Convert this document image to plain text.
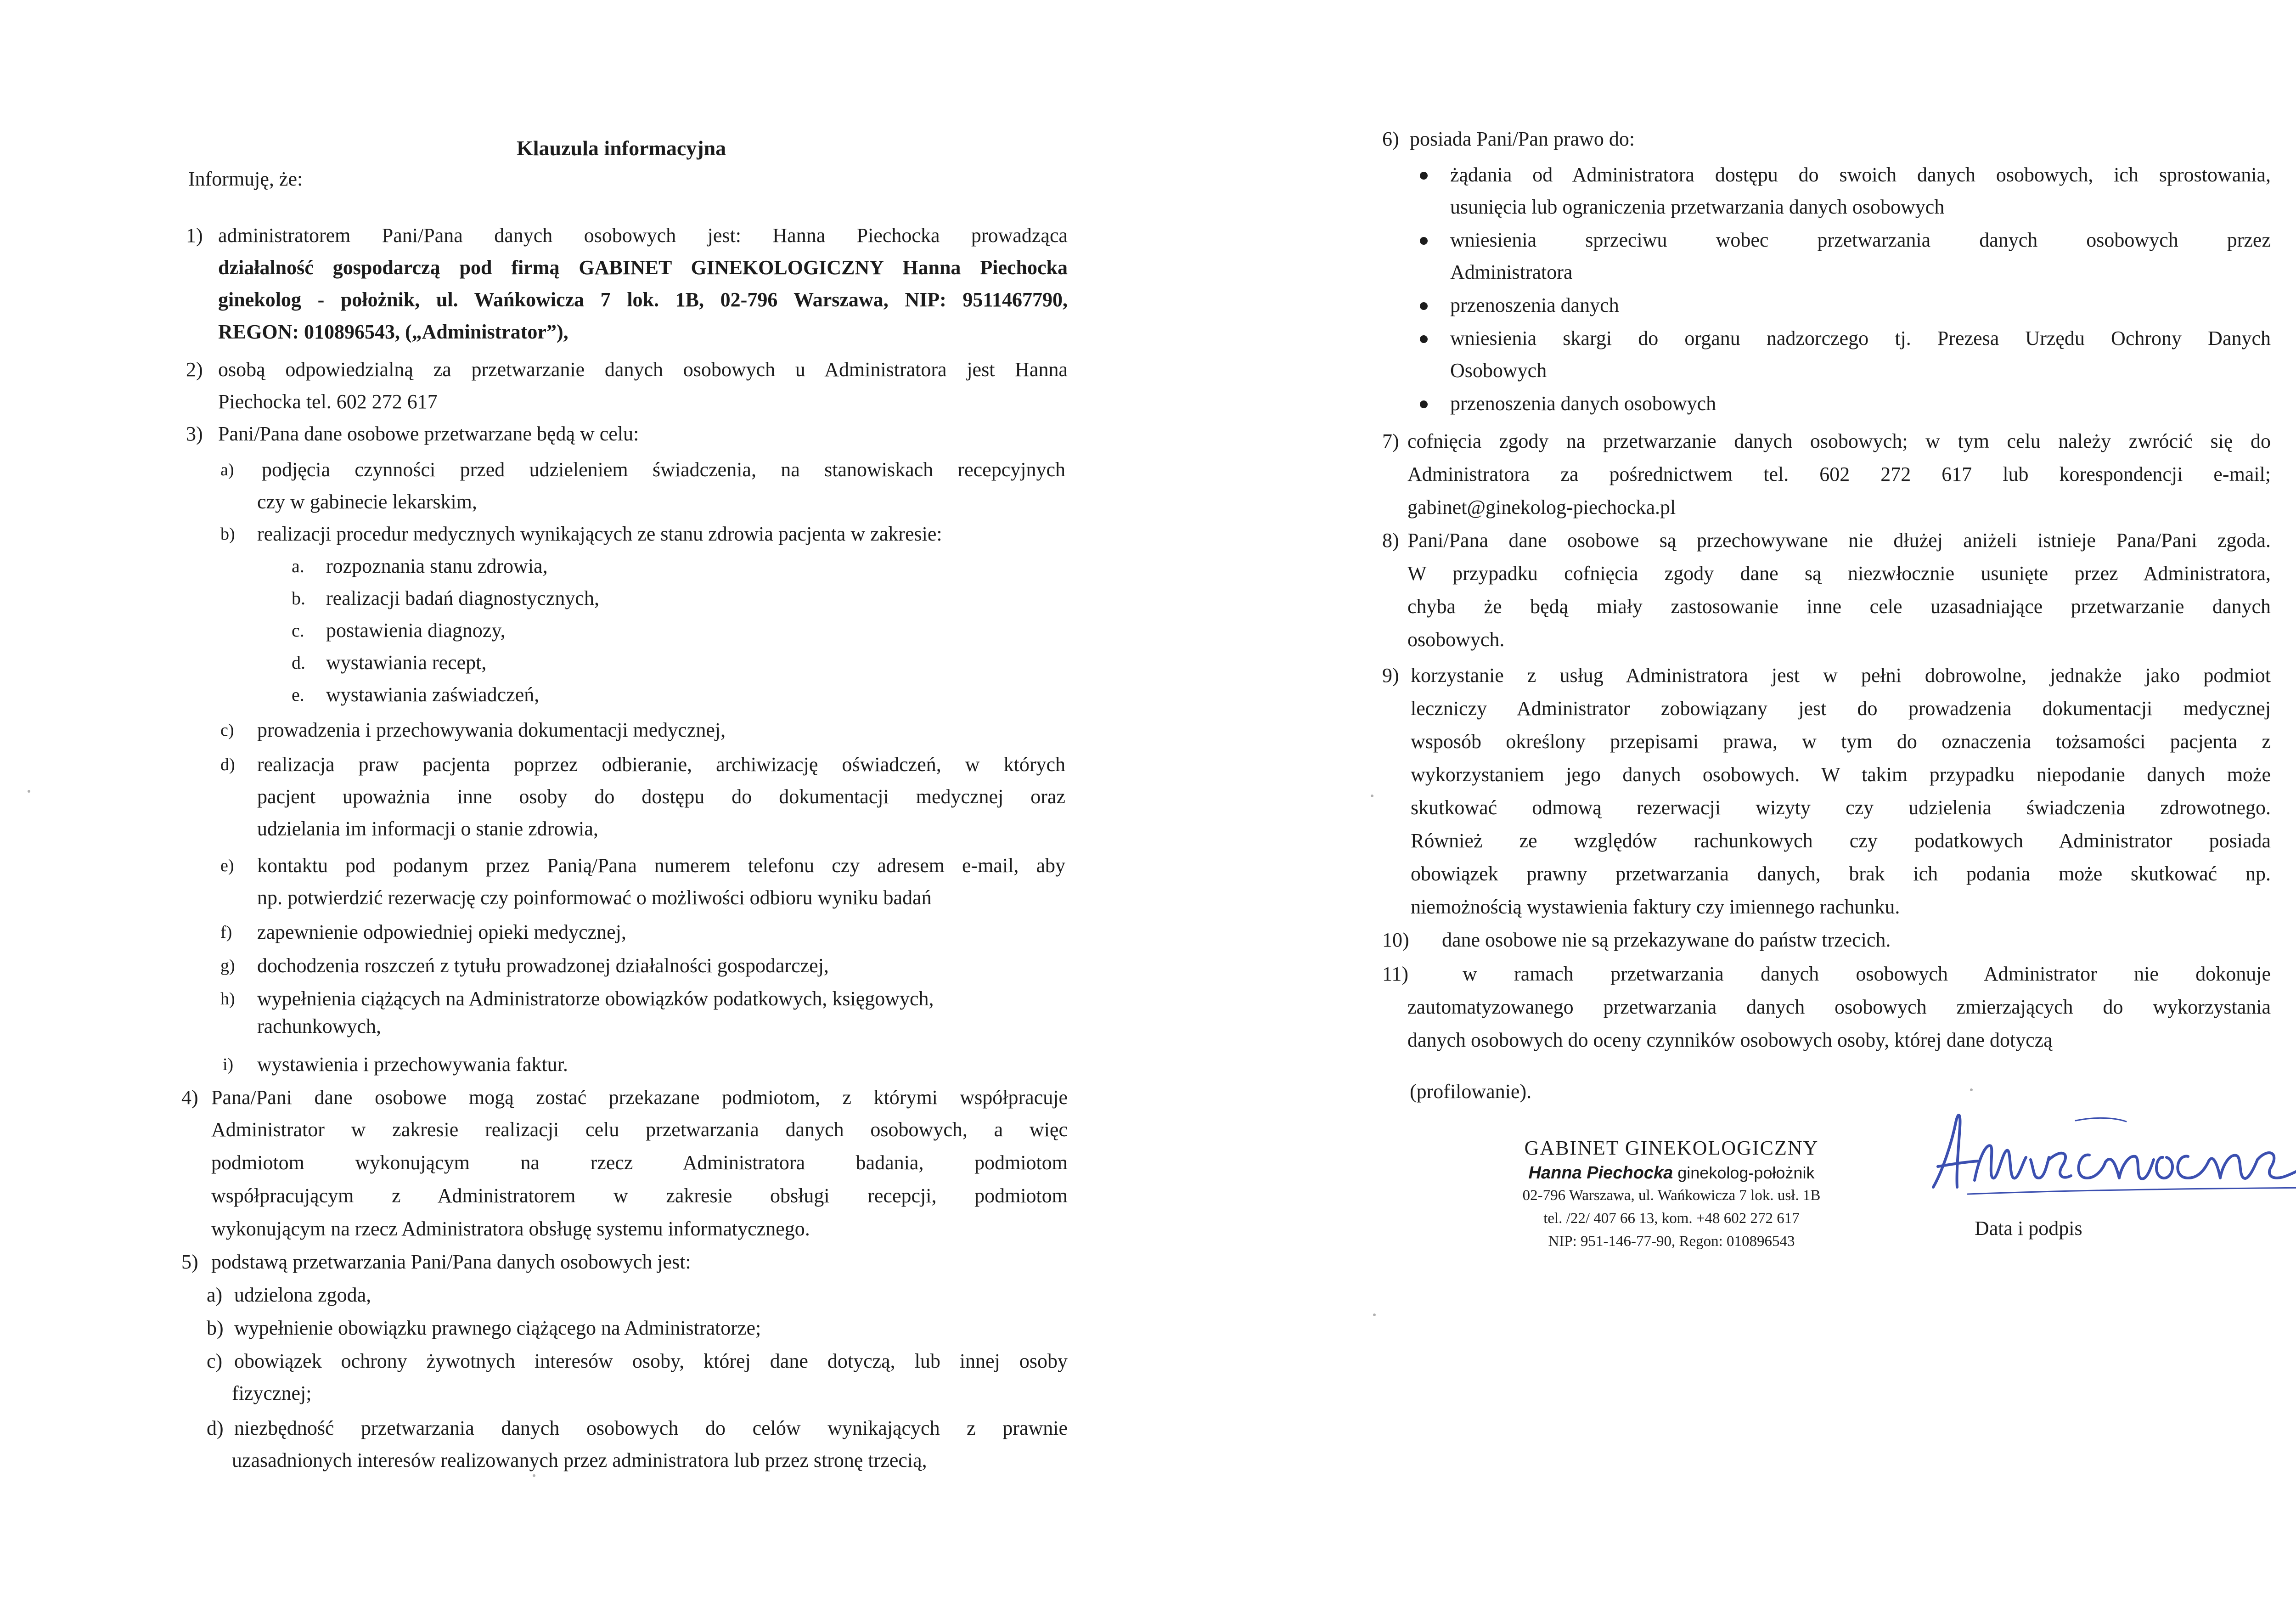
Klauzula informacyjna
Informuję, że:
1) administratorem Pani/Pana danych osobowych jest: Hanna Piechocka prowadząca
działalność gospodarczą pod firmą GABINET GINEKOLOGICZNY Hanna Piechocka
ginekolog - położnik, ul. Wańkowicza 7 lok. 1B, 02-796 Warszawa, NIP: 9511467790,
REGON: 010896543, („Administrator”),
2) osobą odpowiedzialną za przetwarzanie danych osobowych u Administratora jest Hanna
Piechocka tel. 602 272 617
3) Pani/Pana dane osobowe przetwarzane będą w celu:
a) podjęcia czynności przed udzieleniem świadczenia, na stanowiskach recepcyjnych
czy w gabinecie lekarskim,
b) realizacji procedur medycznych wynikających ze stanu zdrowia pacjenta w zakresie:
a. rozpoznania stanu zdrowia,
b. realizacji badań diagnostycznych,
c. postawienia diagnozy,
d. wystawiania recept,
e. wystawiania zaświadczeń,
c) prowadzenia i przechowywania dokumentacji medycznej,
d) realizacja praw pacjenta poprzez odbieranie, archiwizację oświadczeń, w których
pacjent upoważnia inne osoby do dostępu do dokumentacji medycznej oraz
udzielania im informacji o stanie zdrowia,
e) kontaktu pod podanym przez Panią/Pana numerem telefonu czy adresem e-mail, aby
np. potwierdzić rezerwację czy poinformować o możliwości odbioru wyniku badań
f) zapewnienie odpowiedniej opieki medycznej,
g) dochodzenia roszczeń z tytułu prowadzonej działalności gospodarczej,
h) wypełnienia ciążących na Administratorze obowiązków podatkowych, księgowych,
rachunkowych,
i) wystawienia i przechowywania faktur.
4) Pana/Pani dane osobowe mogą zostać przekazane podmiotom, z którymi współpracuje
Administrator w zakresie realizacji celu przetwarzania danych osobowych, a więc
podmiotom wykonującym na rzecz Administratora badania, podmiotom
współpracującym z Administratorem w zakresie obsługi recepcji, podmiotom
wykonującym na rzecz Administratora obsługę systemu informatycznego.
5) podstawą przetwarzania Pani/Pana danych osobowych jest:
a) udzielona zgoda,
b) wypełnienie obowiązku prawnego ciążącego na Administratorze;
c) obowiązek ochrony żywotnych interesów osoby, której dane dotyczą, lub innej osoby
fizycznej;
d) niezbędność przetwarzania danych osobowych do celów wynikających z prawnie
uzasadnionych interesów realizowanych przez administratora lub przez stronę trzecią,
6) posiada Pani/Pan prawo do:
żądania od Administratora dostępu do swoich danych osobowych, ich sprostowania,
usunięcia lub ograniczenia przetwarzania danych osobowych
wniesienia sprzeciwu wobec przetwarzania danych osobowych przez
Administratora
przenoszenia danych
wniesienia skargi do organu nadzorczego tj. Prezesa Urzędu Ochrony Danych
Osobowych
przenoszenia danych osobowych
7) cofnięcia zgody na przetwarzanie danych osobowych; w tym celu należy zwrócić się do
Administratora za pośrednictwem tel. 602 272 617 lub korespondencji e-mail;
gabinet@ginekolog-piechocka.pl
8) Pani/Pana dane osobowe są przechowywane nie dłużej aniżeli istnieje Pana/Pani zgoda.
W przypadku cofnięcia zgody dane są niezwłocznie usunięte przez Administratora,
chyba że będą miały zastosowanie inne cele uzasadniające przetwarzanie danych
osobowych.
9) korzystanie z usług Administratora jest w pełni dobrowolne, jednakże jako podmiot
leczniczy Administrator zobowiązany jest do prowadzenia dokumentacji medycznej
wsposób określony przepisami prawa, w tym do oznaczenia tożsamości pacjenta z
wykorzystaniem jego danych osobowych. W takim przypadku niepodanie danych może
skutkować odmową rezerwacji wizyty czy udzielenia świadczenia zdrowotnego.
Również ze względów rachunkowych czy podatkowych Administrator posiada
obowiązek prawny przetwarzania danych, brak ich podania może skutkować np.
niemożnością wystawienia faktury czy imiennego rachunku.
10) dane osobowe nie są przekazywane do państw trzecich.
11)	w ramach przetwarzania danych osobowych Administrator nie dokonuje
zautomatyzowanego przetwarzania danych osobowych zmierzających do wykorzystania
danych osobowych do oceny czynników osobowych osoby, której dane dotyczą
(profilowanie).
GABINET GINEKOLOGICZNY
Hanna Piechocka ginekolog-położnik
02-796 Warszawa, ul. Wańkowicza 7 lok. usł. 1B
tel. /22/ 407 66 13, kom. +48 602 272 617
NIP: 951-146-77-90, Regon: 010896543
Data i podpis
